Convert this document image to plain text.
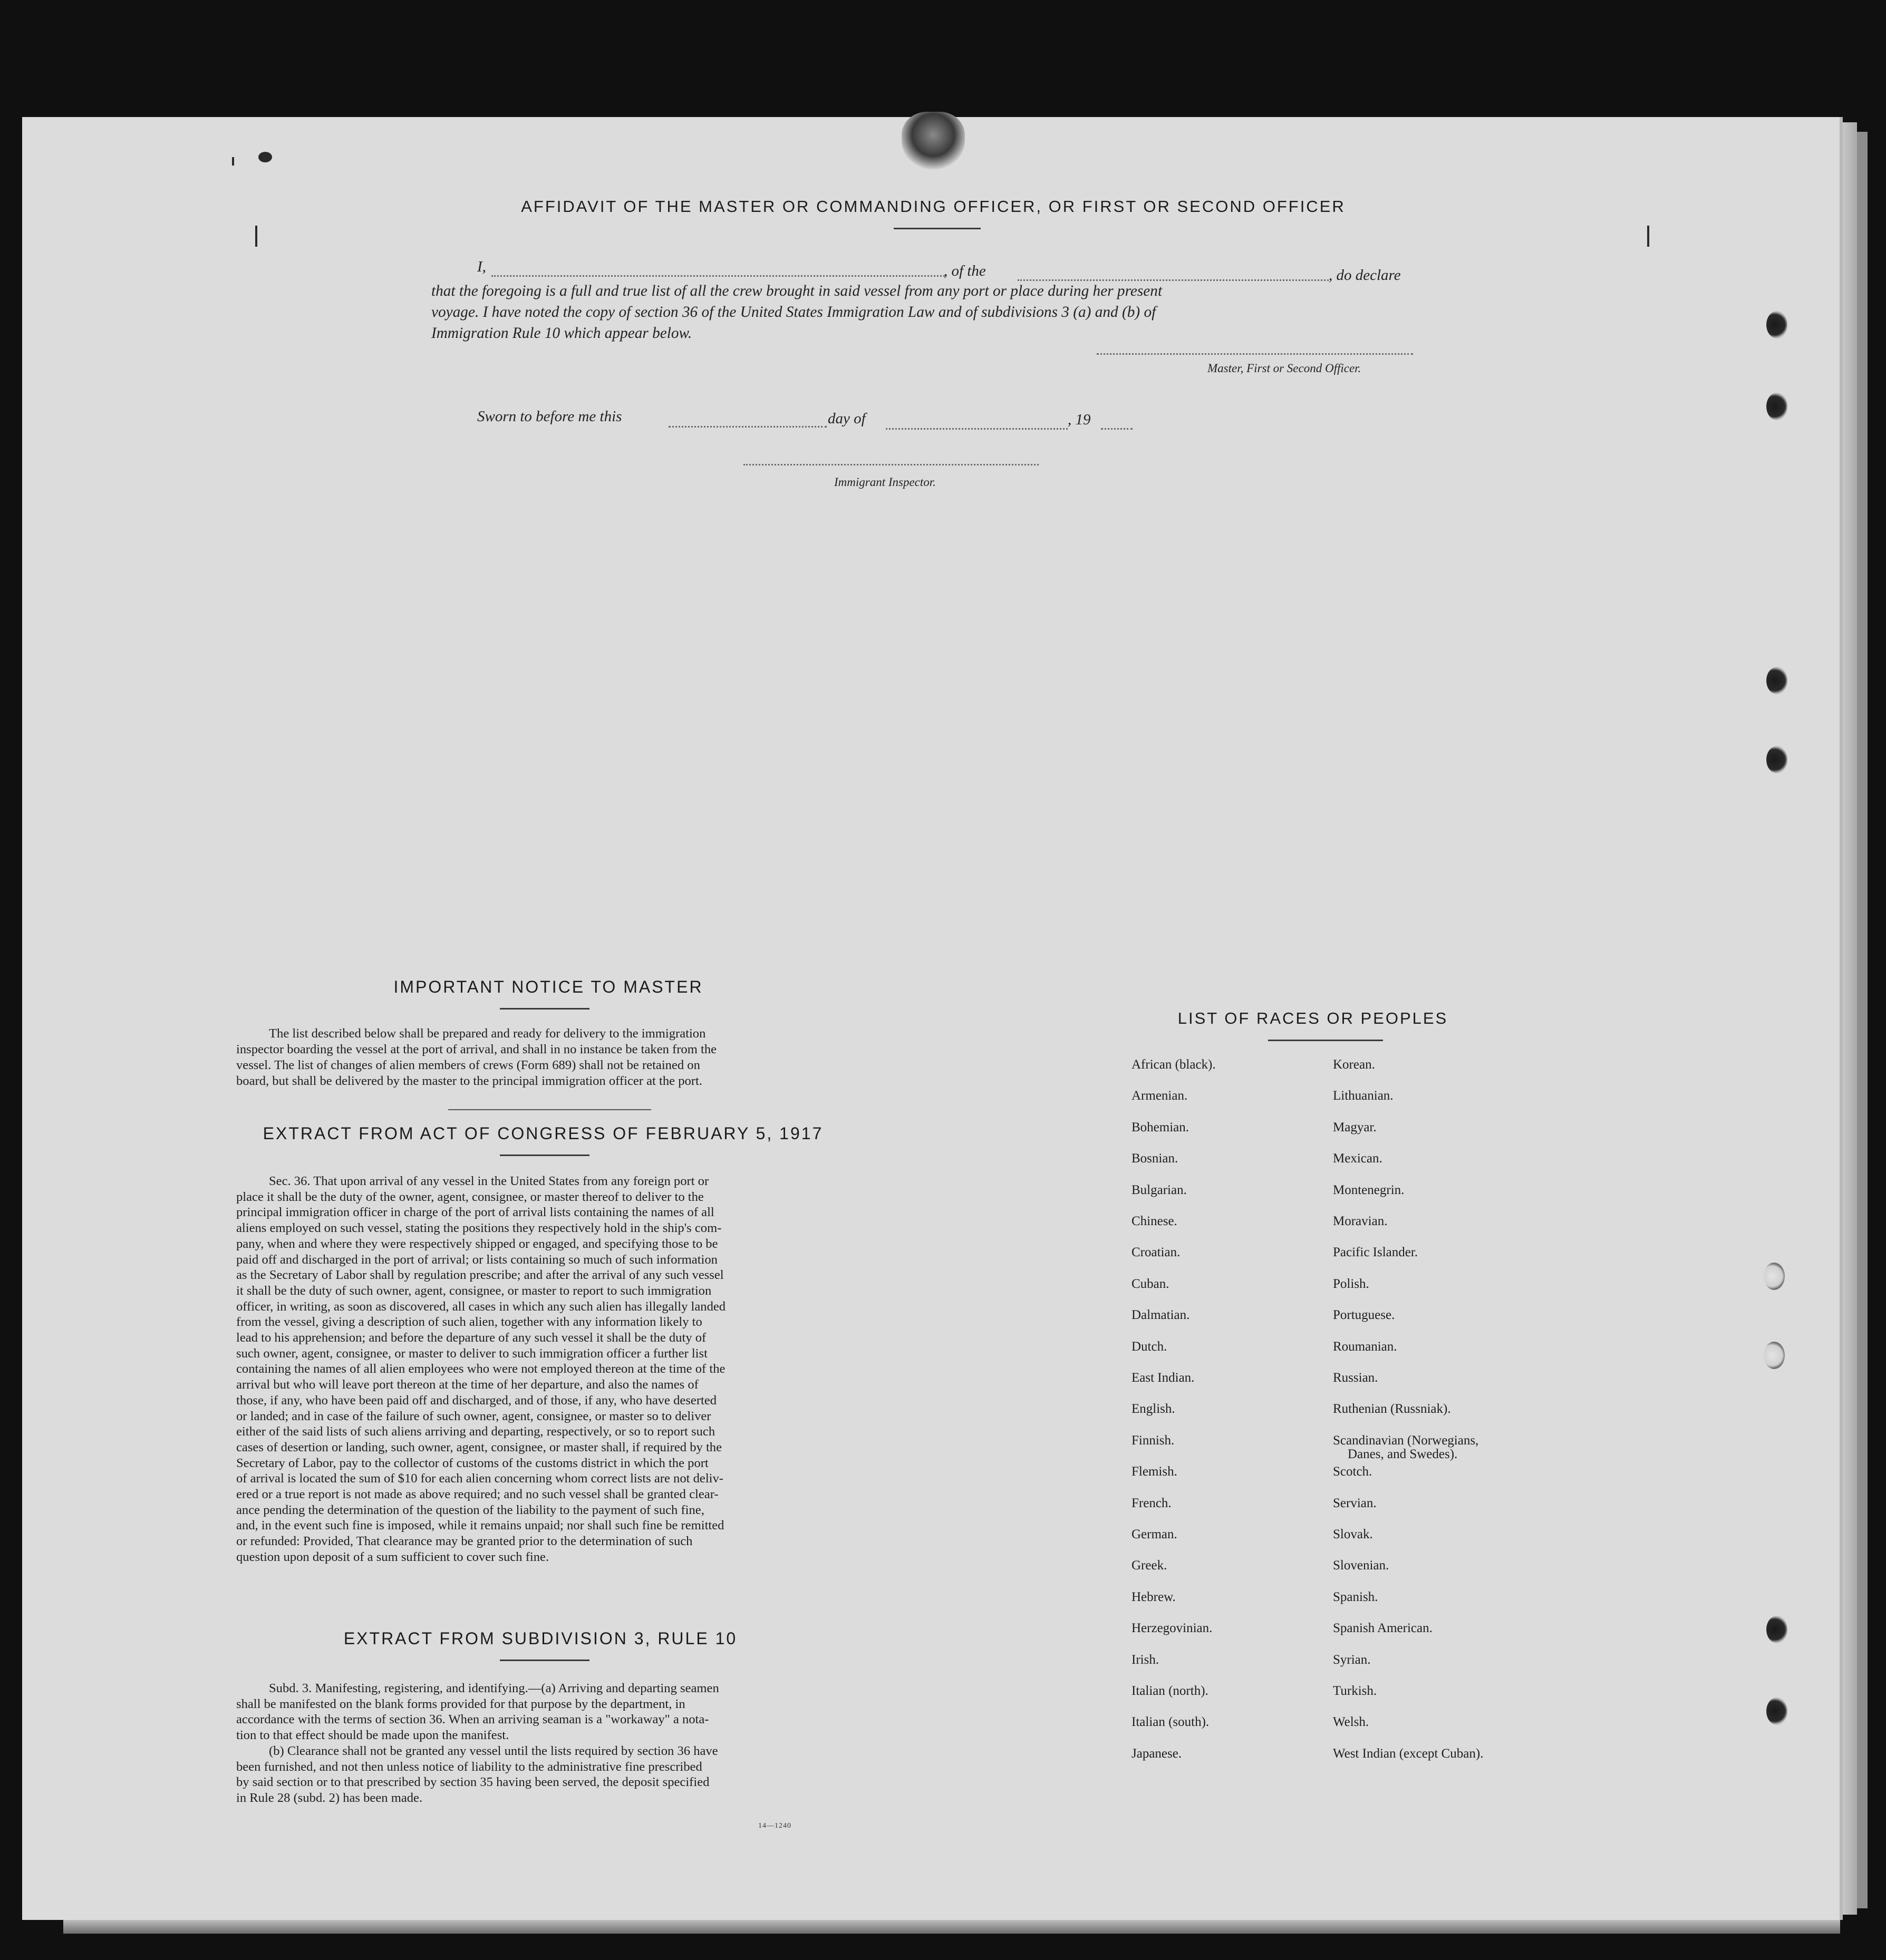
AFFIDAVIT OF THE MASTER OR COMMANDING OFFICER, OR FIRST OR SECOND OFFICER
I,	, of the	, do declare
that the foregoing is a full and true list of all the crew brought in said vessel from any port or place during her present
voyage. I have noted the copy of section 36 of the United States Immigration Law and of subdivisions 3 (a) and (b) of
Immigration Rule 10 which appear below.
Master, First or Second Officer.
Sworn to before me this	day of	, 19
Immigrant Inspector.
IMPORTANT NOTICE TO MASTER
The list described below shall be prepared and ready for delivery to the immigration
inspector boarding the vessel at the port of arrival, and shall in no instance be taken from the
vessel. The list of changes of alien members of crews (Form 689) shall not be retained on
board, but shall be delivered by the master to the principal immigration officer at the port.
EXTRACT FROM ACT OF CONGRESS OF FEBRUARY 5, 1917
Sec. 36. That upon arrival of any vessel in the United States from any foreign port or
place it shall be the duty of the owner, agent, consignee, or master thereof to deliver to the
principal immigration officer in charge of the port of arrival lists containing the names of all
aliens employed on such vessel, stating the positions they respectively hold in the ship's com-
pany, when and where they were respectively shipped or engaged, and specifying those to be
paid off and discharged in the port of arrival; or lists containing so much of such information
as the Secretary of Labor shall by regulation prescribe; and after the arrival of any such vessel
it shall be the duty of such owner, agent, consignee, or master to report to such immigration
officer, in writing, as soon as discovered, all cases in which any such alien has illegally landed
from the vessel, giving a description of such alien, together with any information likely to
lead to his apprehension; and before the departure of any such vessel it shall be the duty of
such owner, agent, consignee, or master to deliver to such immigration officer a further list
containing the names of all alien employees who were not employed thereon at the time of the
arrival but who will leave port thereon at the time of her departure, and also the names of
those, if any, who have been paid off and discharged, and of those, if any, who have deserted
or landed; and in case of the failure of such owner, agent, consignee, or master so to deliver
either of the said lists of such aliens arriving and departing, respectively, or so to report such
cases of desertion or landing, such owner, agent, consignee, or master shall, if required by the
Secretary of Labor, pay to the collector of customs of the customs district in which the port
of arrival is located the sum of $10 for each alien concerning whom correct lists are not deliv-
ered or a true report is not made as above required; and no such vessel shall be granted clear-
ance pending the determination of the question of the liability to the payment of such fine,
and, in the event such fine is imposed, while it remains unpaid; nor shall such fine be remitted
or refunded: Provided, That clearance may be granted prior to the determination of such
question upon deposit of a sum sufficient to cover such fine.
EXTRACT FROM SUBDIVISION 3, RULE 10
Subd. 3. Manifesting, registering, and identifying.—(a) Arriving and departing seamen
shall be manifested on the blank forms provided for that purpose by the department, in
accordance with the terms of section 36. When an arriving seaman is a "workaway" a nota-
tion to that effect should be made upon the manifest.
(b) Clearance shall not be granted any vessel until the lists required by section 36 have
been furnished, and not then unless notice of liability to the administrative fine prescribed
by said section or to that prescribed by section 35 having been served, the deposit specified
in Rule 28 (subd. 2) has been made.
14—1240
LIST OF RACES OR PEOPLES
African (black).
Armenian.
Bohemian.
Bosnian.
Bulgarian.
Chinese.
Croatian.
Cuban.
Dalmatian.
Dutch.
East Indian.
English.
Finnish.
Flemish.
French.
German.
Greek.
Hebrew.
Herzegovinian.
Irish.
Italian (north).
Italian (south).
Japanese.
Korean.
Lithuanian.
Magyar.
Mexican.
Montenegrin.
Moravian.
Pacific Islander.
Polish.
Portuguese.
Roumanian.
Russian.
Ruthenian (Russniak).
Scandinavian (Norwegians,
Danes, and Swedes).
Scotch.
Servian.
Slovak.
Slovenian.
Spanish.
Spanish American.
Syrian.
Turkish.
Welsh.
West Indian (except Cuban).
